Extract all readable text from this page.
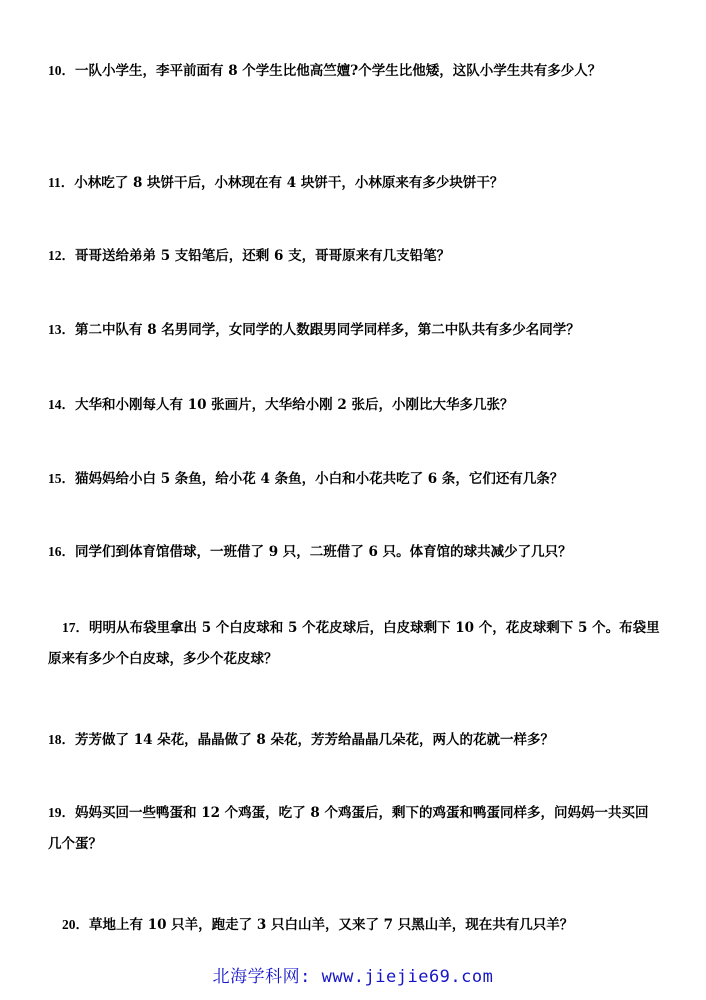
10．一队小学生，李平前面有 8 个学生比他高竺嬗?个学生比他矮，这队小学生共有多少人？

11．小林吃了 8 块饼干后，小林现在有 4 块饼干，小林原来有多少块饼干？

12．哥哥送给弟弟 5 支铅笔后，还剩 6 支，哥哥原来有几支铅笔？

13．第二中队有 8 名男同学，女同学的人数跟男同学同样多，第二中队共有多少名同学？

14．大华和小刚每人有 10 张画片，大华给小刚 2 张后，小刚比大华多几张？

15．猫妈妈给小白 5 条鱼，给小花 4 条鱼，小白和小花共吃了 6 条，它们还有几条？

16．同学们到体育馆借球，一班借了 9 只，二班借了 6 只。体育馆的球共减少了几只？

17．明明从布袋里拿出 5 个白皮球和 5 个花皮球后，白皮球剩下 10 个，花皮球剩下 5 个。布袋里原来有多少个白皮球，多少个花皮球？

18．芳芳做了 14 朵花，晶晶做了 8 朵花，芳芳给晶晶几朵花，两人的花就一样多？

19．妈妈买回一些鸭蛋和 12 个鸡蛋，吃了 8 个鸡蛋后，剩下的鸡蛋和鸭蛋同样多，问妈妈一共买回几个蛋？

20．草地上有 10 只羊，跑走了 3 只白山羊，又来了 7 只黑山羊，现在共有几只羊？

北海学科网: www.jiejie69.com
